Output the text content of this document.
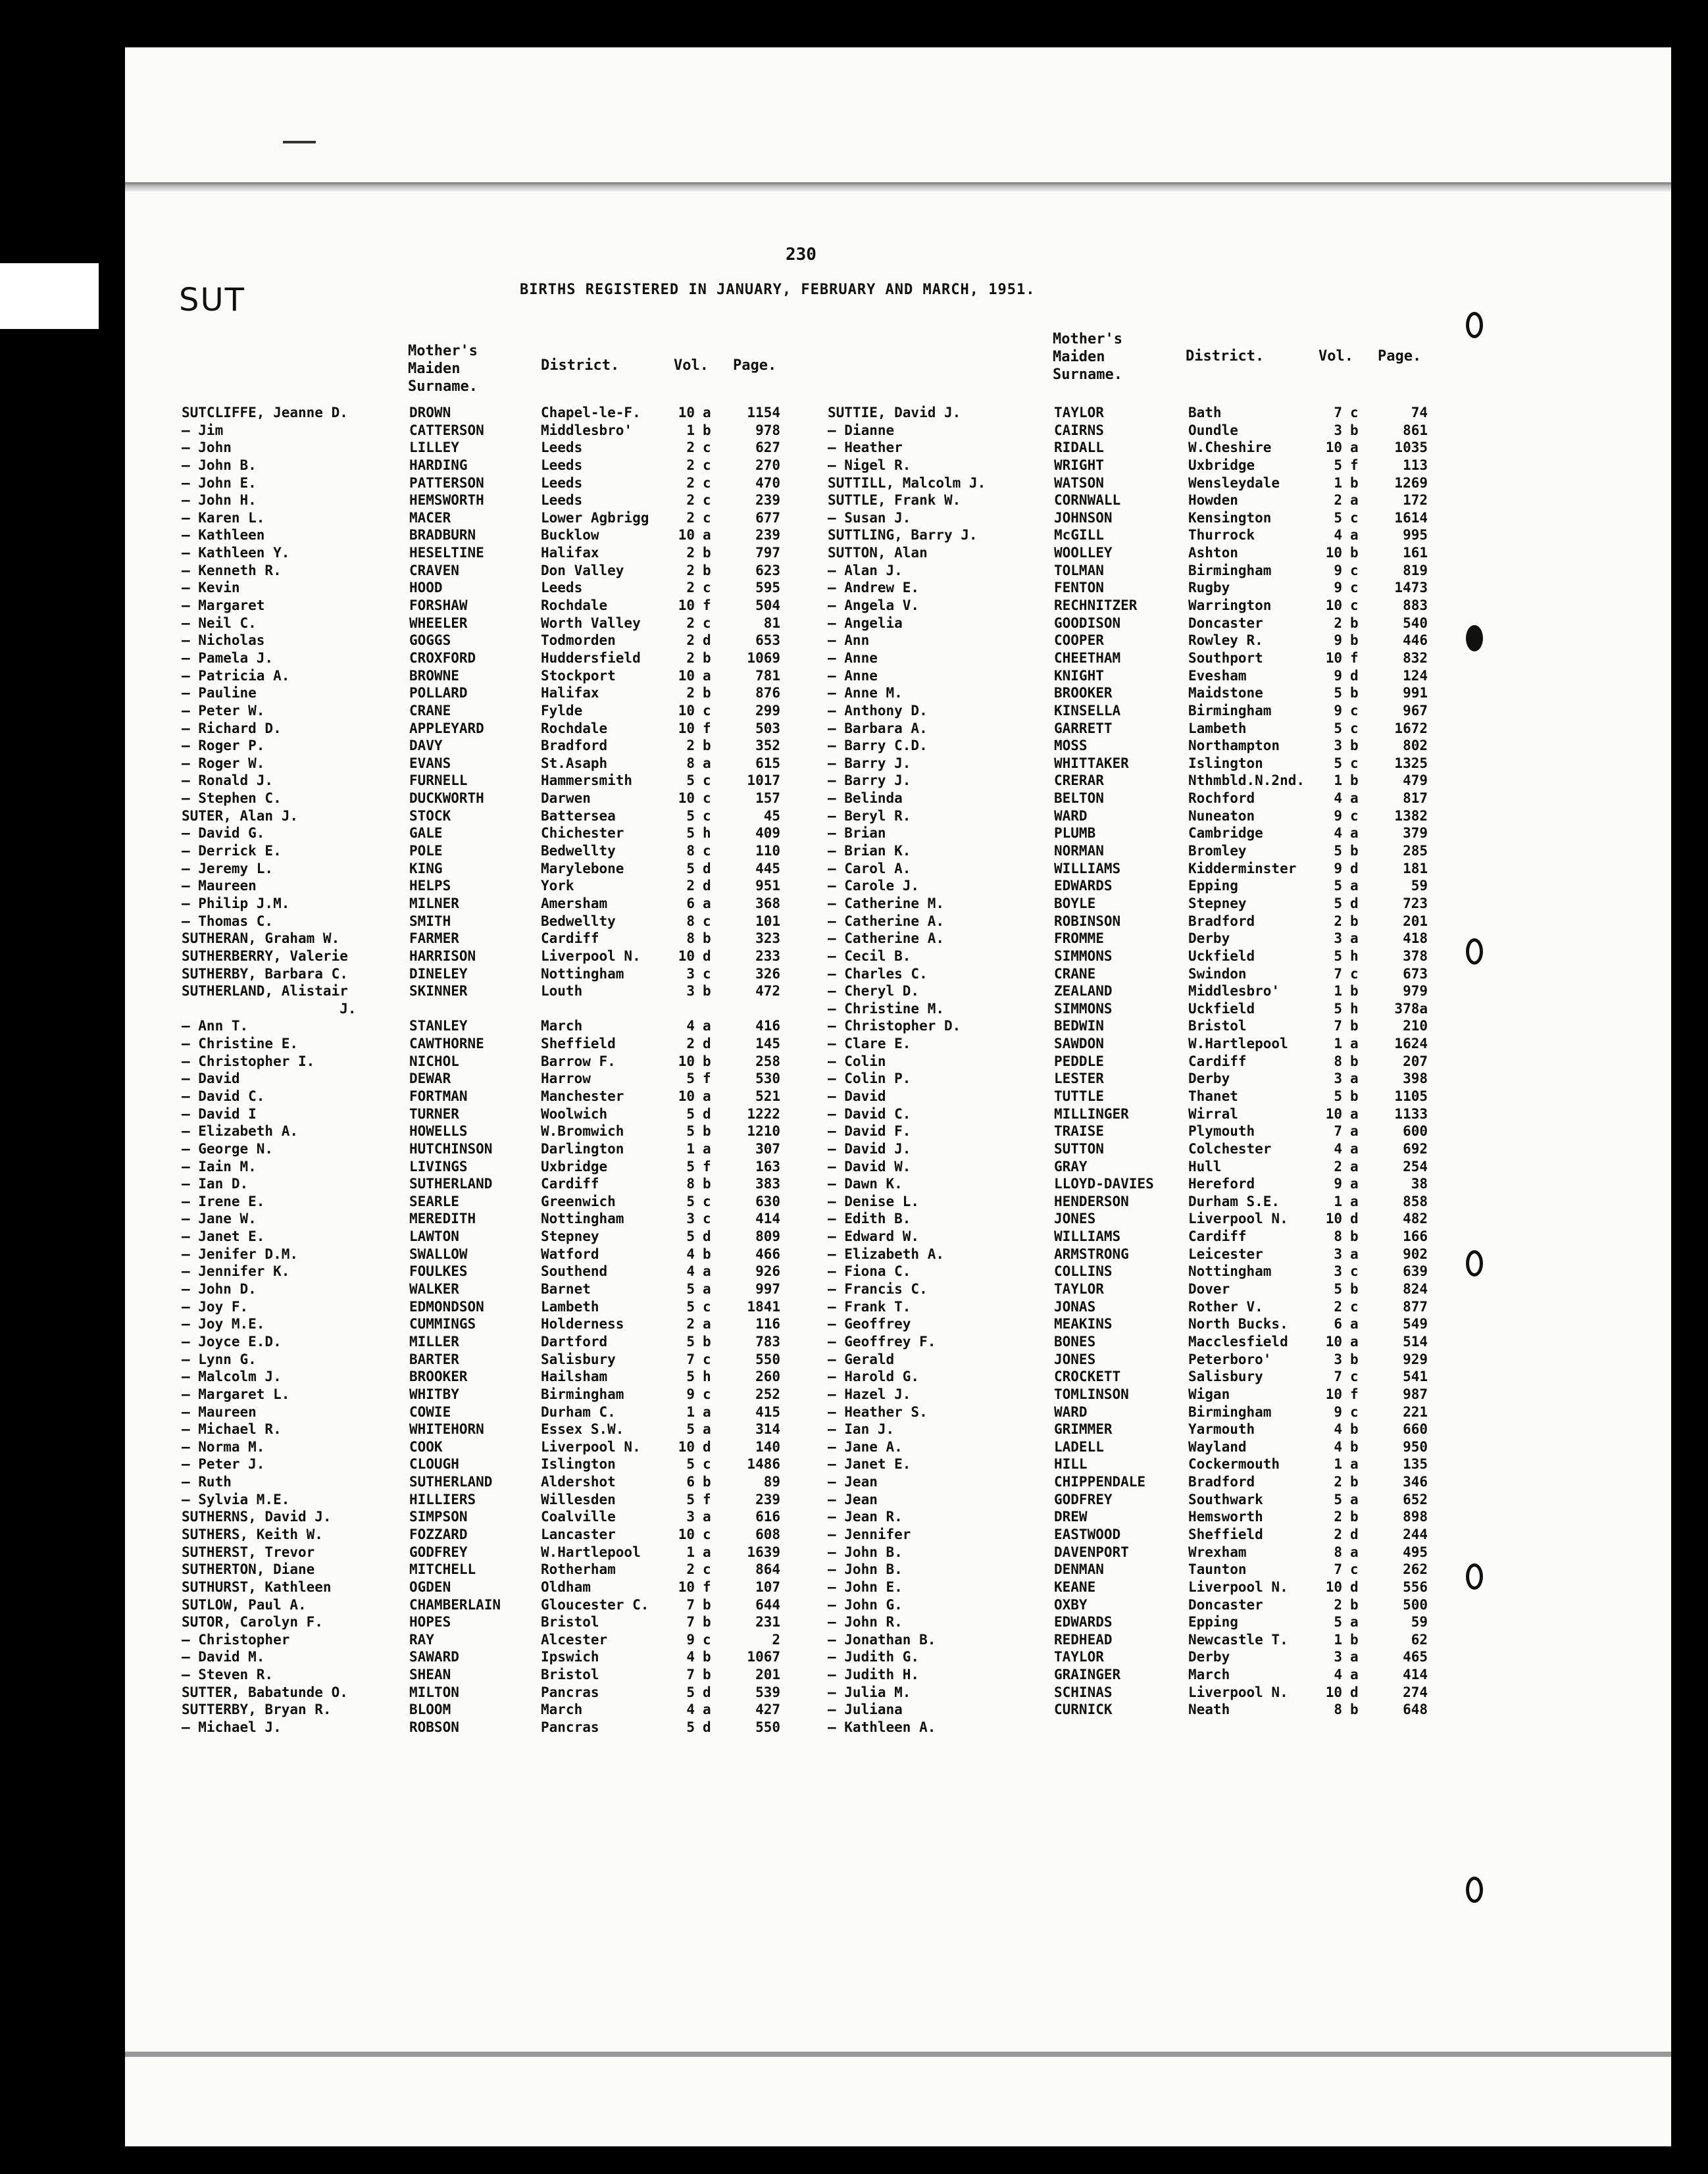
SUT
230
BIRTHS REGISTERED IN JANUARY, FEBRUARY AND MARCH, 1951.
Mother's
Maiden
Surname.
District.	Vol. Page.
Mother's
Maiden
Surname.
District.	Vol. Page.
SUTCLIFFE, Jeanne D.
— Jim
— John
— John B.
— John E.
— John H.
— Karen L.
— Kathleen
— Kathleen Y.
— Kenneth R.
— Kevin
— Margaret
— Neil C.
— Nicholas
— Pamela J.
— Patricia A.
— Pauline
— Peter W.
— Richard D.
— Roger P.
— Roger W.
— Ronald J.
— Stephen C.
SUTER, Alan J.
— David G.
— Derrick E.
— Jeremy L.
— Maureen
— Philip J.M.
— Thomas C.
SUTHERAN, Graham W.
SUTHERBERRY, Valerie
SUTHERBY, Barbara C.
SUTHERLAND, Alistair
J.
— Ann T.
— Christine E.
— Christopher I.
— David
— David C.
— David I
— Elizabeth A.
— George N.
— Iain M.
— Ian D.
— Irene E.
— Jane W.
— Janet E.
— Jenifer D.M.
— Jennifer K.
— John D.
— Joy F.
— Joy M.E.
— Joyce E.D.
— Lynn G.
— Malcolm J.
— Margaret L.
— Maureen
— Michael R.
— Norma M.
— Peter J.
— Ruth
— Sylvia M.E.
SUTHERNS, David J.
SUTHERS, Keith W.
SUTHERST, Trevor
SUTHERTON, Diane
SUTHURST, Kathleen
SUTLOW, Paul A.
SUTOR, Carolyn F.
— Christopher
— David M.
— Steven R.
SUTTER, Babatunde O.
SUTTERBY, Bryan R.
— Michael J.
DROWN
CATTERSON
LILLEY
HARDING
PATTERSON
HEMSWORTH
MACER
BRADBURN
HESELTINE
CRAVEN
HOOD
FORSHAW
WHEELER
GOGGS
CROXFORD
BROWNE
POLLARD
CRANE
APPLEYARD
DAVY
EVANS
FURNELL
DUCKWORTH
STOCK
GALE
POLE
KING
HELPS
MILNER
SMITH
FARMER
HARRISON
DINELEY
SKINNER
STANLEY
CAWTHORNE
NICHOL
DEWAR
FORTMAN
TURNER
HOWELLS
HUTCHINSON
LIVINGS
SUTHERLAND
SEARLE
MEREDITH
LAWTON
SWALLOW
FOULKES
WALKER
EDMONDSON
CUMMINGS
MILLER
BARTER
BROOKER
WHITBY
COWIE
WHITEHORN
COOK
CLOUGH
SUTHERLAND
HILLIERS
SIMPSON
FOZZARD
GODFREY
MITCHELL
OGDEN
CHAMBERLAIN
HOPES
RAY
SAWARD
SHEAN
MILTON
BLOOM
ROBSON
Chapel-le-F.
Middlesbro'
Leeds
Leeds
Leeds
Leeds
Lower Agbrigg
Bucklow
Halifax
Don Valley
Leeds
Rochdale
Worth Valley
Todmorden
Huddersfield
Stockport
Halifax
Fylde
Rochdale
Bradford
St.Asaph
Hammersmith
Darwen
Battersea
Chichester
Bedwellty
Marylebone
York
Amersham
Bedwellty
Cardiff
Liverpool N.
Nottingham
Louth
March
Sheffield
Barrow F.
Harrow
Manchester
Woolwich
W.Bromwich
Darlington
Uxbridge
Cardiff
Greenwich
Nottingham
Stepney
Watford
Southend
Barnet
Lambeth
Holderness
Dartford
Salisbury
Hailsham
Birmingham
Durham C.
Essex S.W.
Liverpool N.
Islington
Aldershot
Willesden
Coalville
Lancaster
W.Hartlepool
Rotherham
Oldham
Gloucester C.
Bristol
Alcester
Ipswich
Bristol
Pancras
March
Pancras
10
1
2
2
2
2
2
10
2
2
2
10
2
2
2
10
2
10
10
2
8
5
10
5
5
8
5
2
6
8
8
10
3
3
4
2
10
5
10
5
5
1
5
8
5
3
5
4
4
5
5
2
5
7
5
9
1
5
10
5
6
5
3
10
1
2
10
7
7
9
4
7
5
4
5
a
b
c
c
c
c
c
a
b
b
c
f
c
d
b
a
b
c
f
b
a
c
c
c
h
c
d
d
a
c
b
d
c
b
a
d
b
f
a
d
b
a
f
b
c
c
d
b
a
a
c
a
b
c
h
c
a
a
d
c
b
f
a
c
a
c
f
b
b
c
b
b
d
a
d
1154
978
627
270
470
239
677
239
797
623
595
504
81
653
1069
781
876
299
503
352
615
1017
157
45
409
110
445
951
368
101
323
233
326
472
416
145
258
530
521
1222
1210
307
163
383
630
414
809
466
926
997
1841
116
783
550
260
252
415
314
140
1486
89
239
616
608
1639
864
107
644
231
2
1067
201
539
427
550
SUTTIE, David J.
— Dianne
— Heather
— Nigel R.
SUTTILL, Malcolm J.
SUTTLE, Frank W.
— Susan J.
SUTTLING, Barry J.
SUTTON, Alan
— Alan J.
— Andrew E.
— Angela V.
— Angelia
— Ann
— Anne
— Anne
— Anne M.
— Anthony D.
— Barbara A.
— Barry C.D.
— Barry J.
— Barry J.
— Belinda
— Beryl R.
— Brian
— Brian K.
— Carol A.
— Carole J.
— Catherine M.
— Catherine A.
— Catherine A.
— Cecil B.
— Charles C.
— Cheryl D.
— Christine M.
— Christopher D.
— Clare E.
— Colin
— Colin P.
— David
— David C.
— David F.
— David J.
— David W.
— Dawn K.
— Denise L.
— Edith B.
— Edward W.
— Elizabeth A.
— Fiona C.
— Francis C.
— Frank T.
— Geoffrey
— Geoffrey F.
— Gerald
— Harold G.
— Hazel J.
— Heather S.
— Ian J.
— Jane A.
— Janet E.
— Jean
— Jean
— Jean R.
— Jennifer
— John B.
— John B.
— John E.
— John G.
— John R.
— Jonathan B.
— Judith G.
— Judith H.
— Julia M.
— Juliana
— Kathleen A.
TAYLOR
CAIRNS
RIDALL
WRIGHT
WATSON
CORNWALL
JOHNSON
McGILL
WOOLLEY
TOLMAN
FENTON
RECHNITZER
GOODISON
COOPER
CHEETHAM
KNIGHT
BROOKER
KINSELLA
GARRETT
MOSS
WHITTAKER
CRERAR
BELTON
WARD
PLUMB
NORMAN
WILLIAMS
EDWARDS
BOYLE
ROBINSON
FROMME
SIMMONS
CRANE
ZEALAND
SIMMONS
BEDWIN
SAWDON
PEDDLE
LESTER
TUTTLE
MILLINGER
TRAISE
SUTTON
GRAY
LLOYD-DAVIES
HENDERSON
JONES
WILLIAMS
ARMSTRONG
COLLINS
TAYLOR
JONAS
MEAKINS
BONES
JONES
CROCKETT
TOMLINSON
WARD
GRIMMER
LADELL
HILL
CHIPPENDALE
GODFREY
DREW
EASTWOOD
DAVENPORT
DENMAN
KEANE
OXBY
EDWARDS
REDHEAD
TAYLOR
GRAINGER
SCHINAS
CURNICK
Bath
Oundle
W.Cheshire
Uxbridge
Wensleydale
Howden
Kensington
Thurrock
Ashton
Birmingham
Rugby
Warrington
Doncaster
Rowley R.
Southport
Evesham
Maidstone
Birmingham
Lambeth
Northampton
Islington
Nthmbld.N.2nd.
Rochford
Nuneaton
Cambridge
Bromley
Kidderminster
Epping
Stepney
Bradford
Derby
Uckfield
Swindon
Middlesbro'
Uckfield
Bristol
W.Hartlepool
Cardiff
Derby
Thanet
Wirral
Plymouth
Colchester
Hull
Hereford
Durham S.E.
Liverpool N.
Cardiff
Leicester
Nottingham
Dover
Rother V.
North Bucks.
Macclesfield
Peterboro'
Salisbury
Wigan
Birmingham
Yarmouth
Wayland
Cockermouth
Bradford
Southwark
Hemsworth
Sheffield
Wrexham
Taunton
Liverpool N.
Doncaster
Epping
Newcastle T.
Derby
March
Liverpool N.
Neath
7
3
10
5
1
2
5
4
10
9
9
10
2
9
10
9
5
9
5
3
5
1
4
9
4
5
9
5
5
2
3
5
7
1
5
7
1
8
3
5
10
7
4
2
9
1
10
8
3
3
5
2
6
10
3
7
10
9
4
4
1
2
5
2
2
8
7
10
2
5
1
3
4
10
8
c
b
a
f
b
a
c
a
b
c
c
c
b
b
f
d
b
c
c
b
c
b
a
c
a
b
d
a
d
b
a
h
c
b
h
b
a
b
a
b
a
a
a
a
a
a
d
b
a
c
b
c
a
a
b
c
f
c
b
b
a
b
a
b
d
a
c
d
b
a
b
a
a
d
b
74
861
1035
113
1269
172
1614
995
161
819
1473
883
540
446
832
124
991
967
1672
802
1325
479
817
1382
379
285
181
59
723
201
418
378
673
979
378a
210
1624
207
398
1105
1133
600
692
254
38
858
482
166
902
639
824
877
549
514
929
541
987
221
660
950
135
346
652
898
244
495
262
556
500
59
62
465
414
274
648
